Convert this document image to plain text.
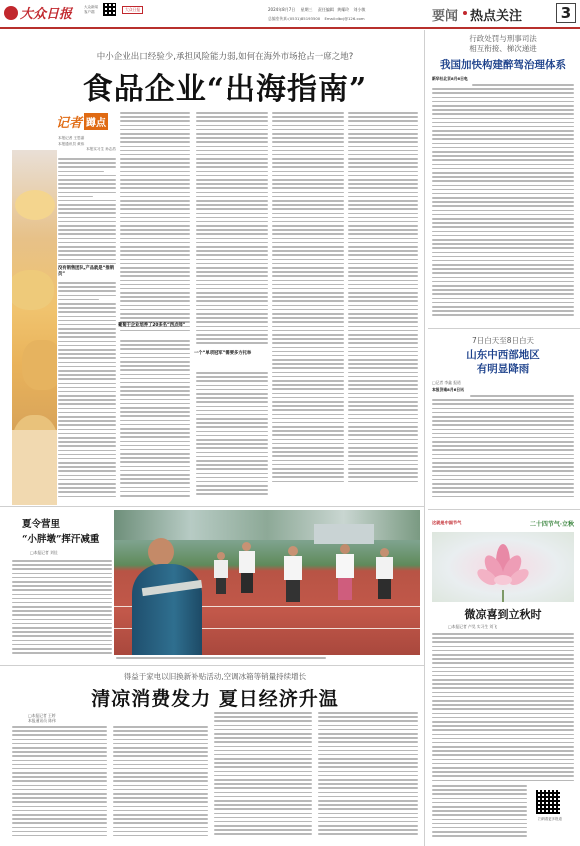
大众日报	大众新闻
客户端	大众日报	2024年8月7日 星期三 责任编辑 黄耀玲 刘小敏
总编室传真:(0531)85193500 Email:dbcj@126.com	要闻 热点关注	3
中小企业出口经验少,承担风险能力弱,如何在海外市场抢占一席之地?
食品企业“出海指南”
记者 蹲点
本报记者 王思嘉
本报通讯员 黄伟
本报实习生 孙志浩
没有销售团队,产品就是“推销员”
葡萄干企业培养了20多名“西点师”
一个“单项冠军”需要多方托举
行政处罚与刑事司法
相互衔接、梯次递进
我国加快构建醉驾治理体系
新华社北京8月6日电
7日白天至8日白天
山东中西部地区
有明显降雨
□记者 李鑫 报道
本报济南8月6日讯
这就是中国节气	二十四节气·立秋
微凉喜到立秋时
□本报记者 卢昊 实习生 刘飞
扫码看更多报道
夏令营里
“小胖墩”挥汗减重
□本报记者 刘佳
得益于家电以旧换新补贴活动,空调冰箱等销量持续增长
清凉消费发力 夏日经济升温
□本报记者 王婷
本报通讯员 陈伟
